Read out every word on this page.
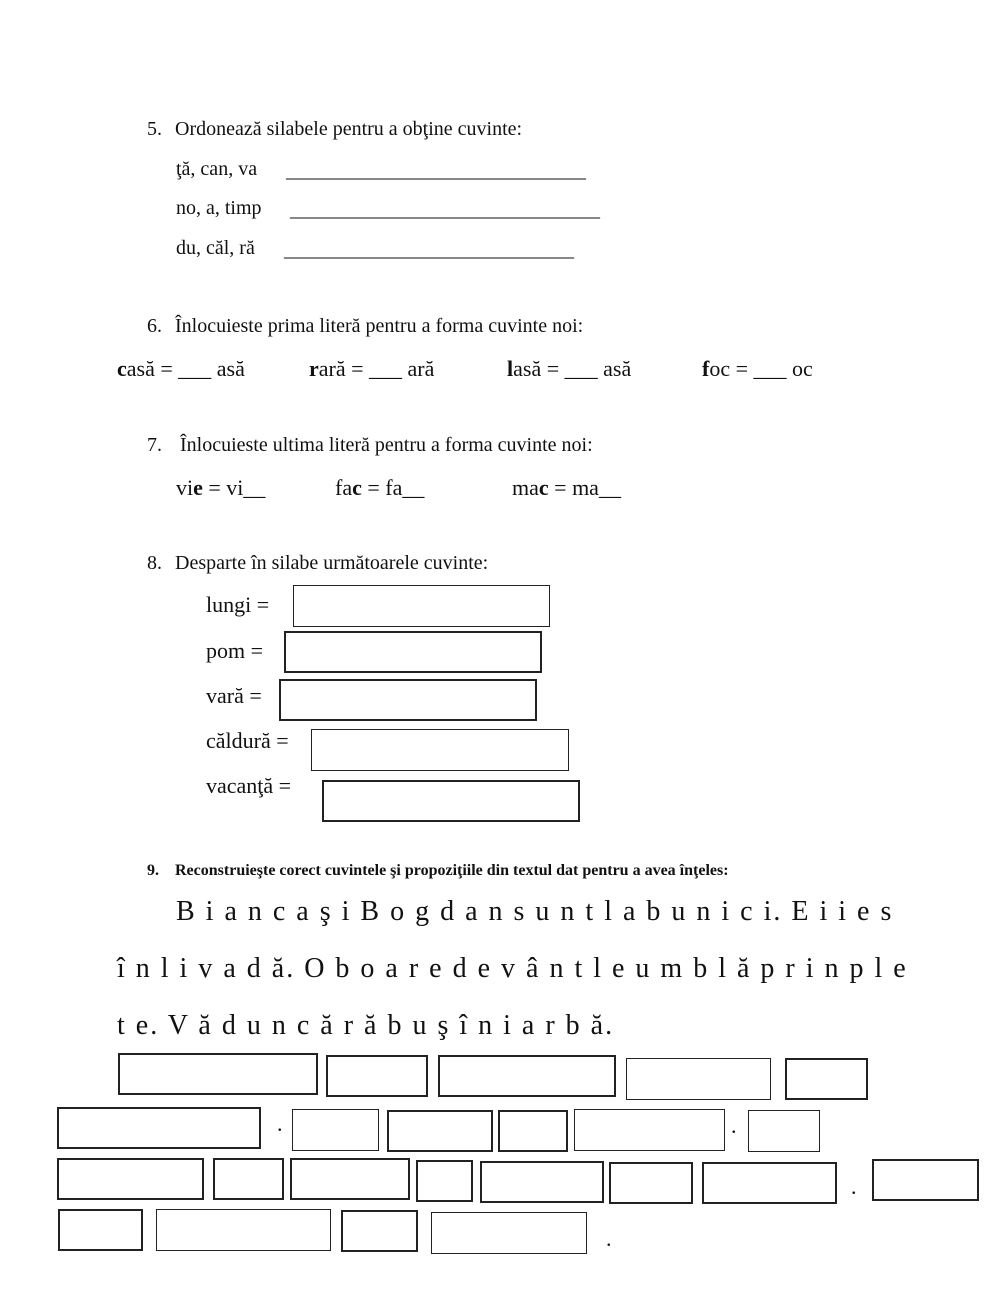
5. Ordonează silabele pentru a obţine cuvinte:
ţă, can, va ______________________________
no, a, timp _______________________________
du, căl, ră _____________________________
6. Înlocuieste prima literă pentru a forma cuvinte noi:
casă = ___ asă	rară = ___ ară	lasă = ___ asă	foc = ___ oc
7. Înlocuieste ultima literă pentru a forma cuvinte noi:
vie = vi__	fac = fa__	mac = ma__
8. Desparte în silabe următoarele cuvinte:
lungi =
pom =
vară =
căldură =
vacanţă =
9. Reconstruieşte corect cuvintele şi propoziţiile din textul dat pentru a avea înţeles:
B i a n c a ş i B o g d a n s u n t l a b u n i c i. E i i e s
î n l i v a d ă. O b o a r e d e v â n t l e u m b l ă p r i n p l e
t e. V ă d u n c ă r ă b u ş î n i a r b ă.
.	.
.
.
